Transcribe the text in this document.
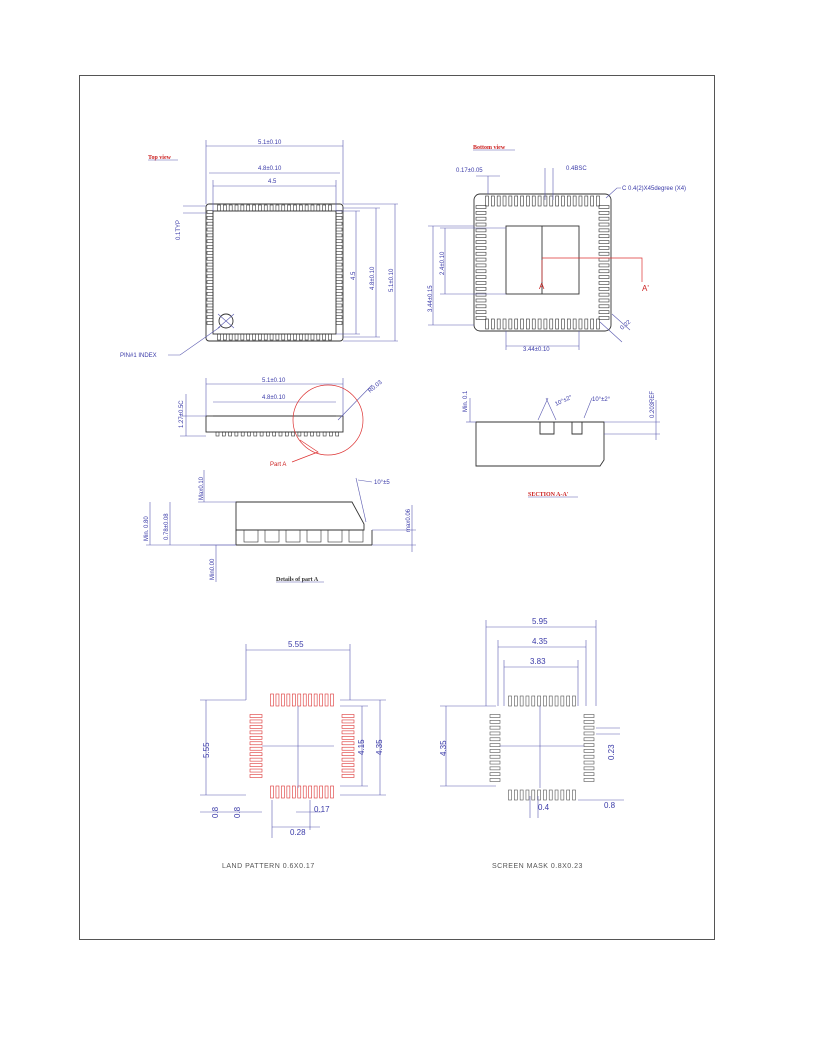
Top view
5.1±0.10
4.8±0.10
4.5
0.1TYP
4.5 4.8±0.10 5.1±0.10
PIN#1 INDEX
Bottom view
A	A'
0.17±0.05	0.4BSC
C 0.4(2)X45degree (X4)
2.4±0.10
3.44±0.15
0.22
3.44±0.10
5.1±0.10
4.8±0.10
R0.03
1.27±0.5C
Part A
Min. 0.1	10°±2°	10°±2°	0.203REF
SECTION A-A'
Max0.10
Min. 0.80 0.78±0.08
10°±5
max0.06
Min0.00	Details of part A
5.55
5.55	4.15 4.35
0.8 0.8	0.17
0.28
LAND PATTERN 0.6X0.17
5.95
4.35
3.83
4.35	0.23
0.4	0.8
SCREEN MASK 0.8X0.23
